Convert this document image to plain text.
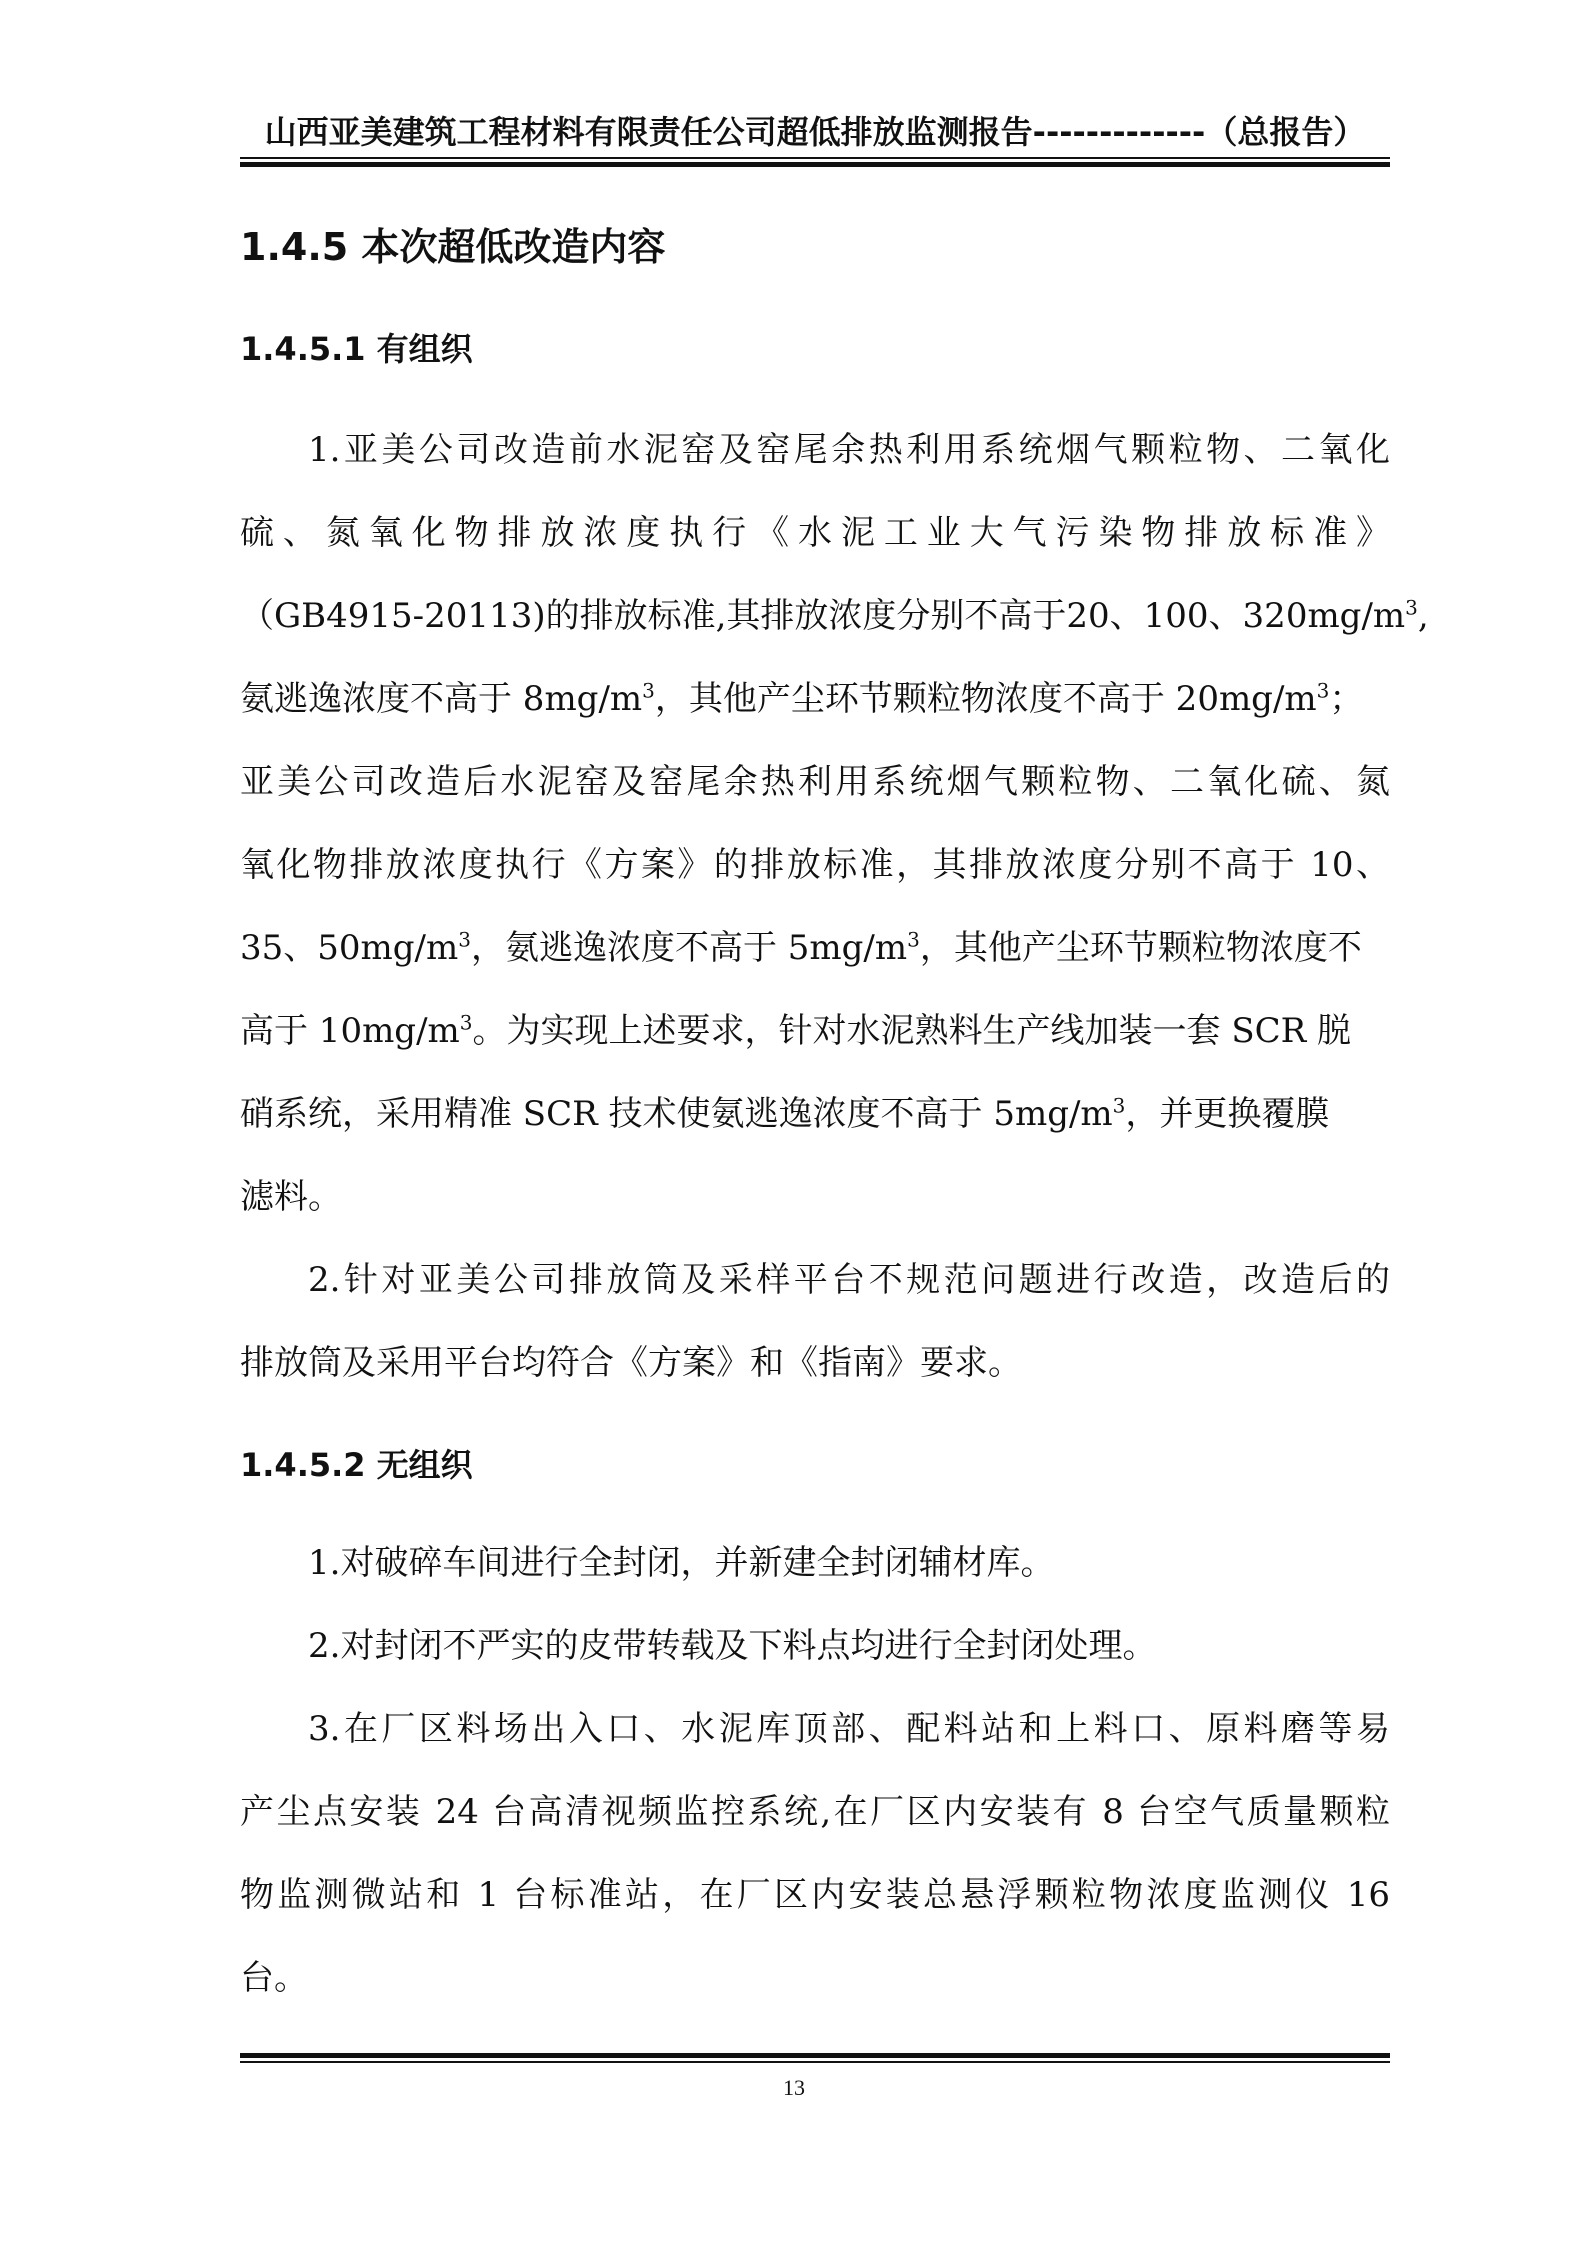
山西亚美建筑工程材料有限责任公司超低排放监测报告-------------（总报告）
1.4.5 本次超低改造内容
1.4.5.1 有组织
1.亚美公司改造前水泥窑及窑尾余热利用系统烟气颗粒物、二氧化
硫、氮氧化物排放浓度执行《水泥工业大气污染物排放标准》
（GB4915-20113)的排放标准,其排放浓度分别不高于20、100、$320mg/m^3$,
氨逃逸浓度不高于 $8mg/m^3$，其他产尘环节颗粒物浓度不高于 $20mg/m^3$；
亚美公司改造后水泥窑及窑尾余热利用系统烟气颗粒物、二氧化硫、氮
氧化物排放浓度执行《方案》的排放标准，其排放浓度分别不高于 10、
35、$50mg/m^3$，氨逃逸浓度不高于 $5mg/m^3$，其他产尘环节颗粒物浓度不
高于 $10mg/m^3$。为实现上述要求，针对水泥熟料生产线加装一套 SCR 脱
硝系统，采用精准 SCR 技术使氨逃逸浓度不高于 $5mg/m^3$，并更换覆膜
滤料。
2.针对亚美公司排放筒及采样平台不规范问题进行改造，改造后的
排放筒及采用平台均符合《方案》和《指南》要求。
1.4.5.2 无组织
1.对破碎车间进行全封闭，并新建全封闭辅材库。
2.对封闭不严实的皮带转载及下料点均进行全封闭处理。
3.在厂区料场出入口、水泥库顶部、配料站和上料口、原料磨等易
产尘点安装 24 台高清视频监控系统,在厂区内安装有 8 台空气质量颗粒
物监测微站和 1 台标准站，在厂区内安装总悬浮颗粒物浓度监测仪 16
台。
13
